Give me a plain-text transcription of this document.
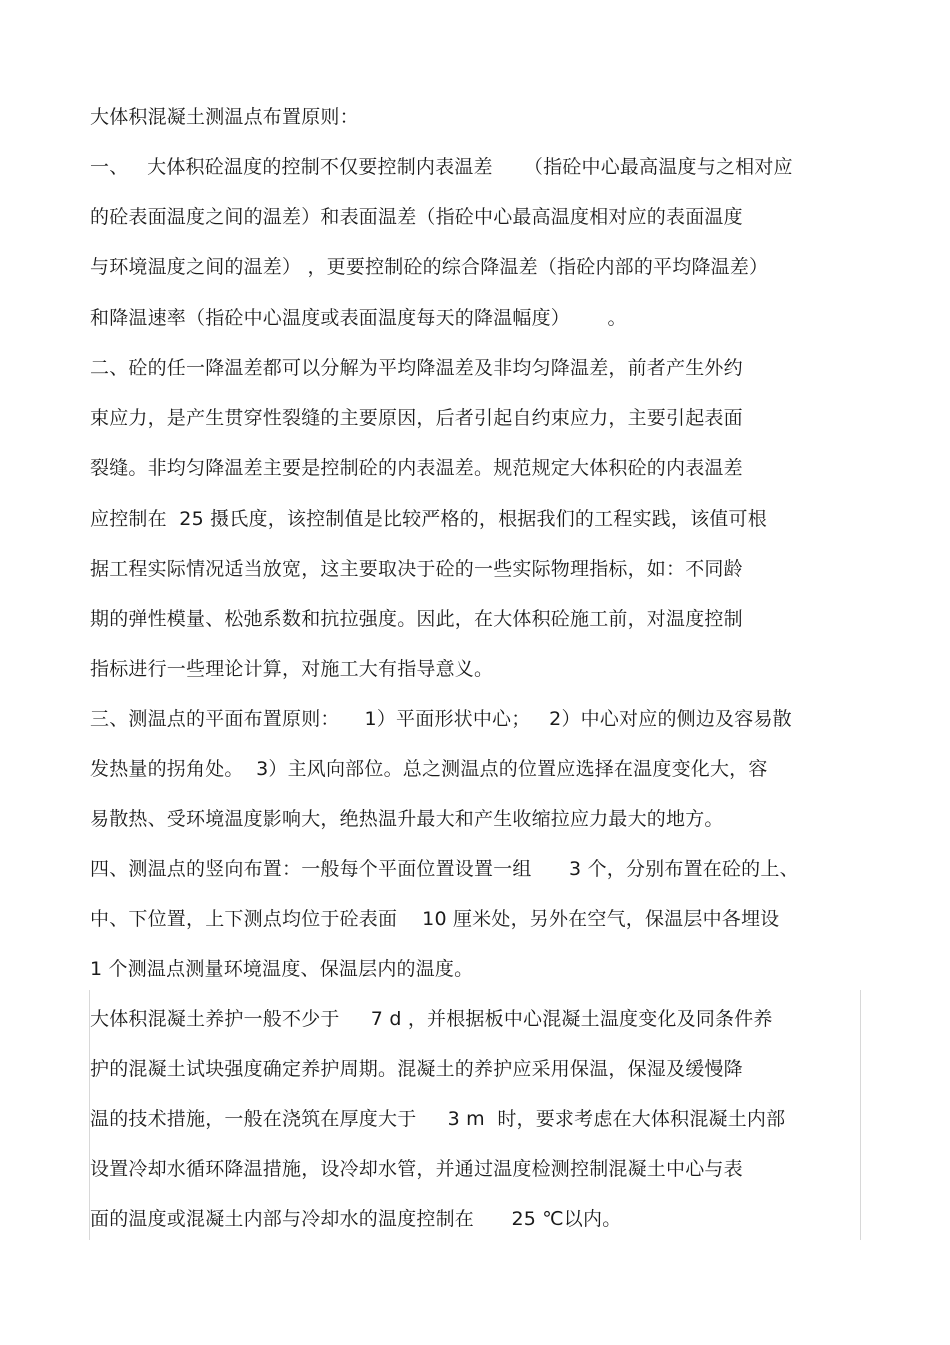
大体积混凝土测温点布置原则：
一、   大体积砼温度的控制不仅要控制内表温差     （指砼中心最高温度与之相对应
的砼表面温度之间的温差）和表面温差（指砼中心最高温度相对应的表面温度
与环境温度之间的温差） ，更要控制砼的综合降温差（指砼内部的平均降温差）
和降温速率（指砼中心温度或表面温度每天的降温幅度）      。
二、砼的任一降温差都可以分解为平均降温差及非均匀降温差，前者产生外约
束应力，是产生贯穿性裂缝的主要原因，后者引起自约束应力，主要引起表面
裂缝。非均匀降温差主要是控制砼的内表温差。规范规定大体积砼的内表温差
应控制在  25 摄氏度，该控制值是比较严格的，根据我们的工程实践，该值可根
据工程实际情况适当放宽，这主要取决于砼的一些实际物理指标，如：不同龄
期的弹性模量、松弛系数和抗拉强度。因此，在大体积砼施工前，对温度控制
指标进行一些理论计算，对施工大有指导意义。
三、测温点的平面布置原则：    1）平面形状中心；   2）中心对应的侧边及容易散
发热量的拐角处。  3）主风向部位。总之测温点的位置应选择在温度变化大，容
易散热、受环境温度影响大，绝热温升最大和产生收缩拉应力最大的地方。
四、测温点的竖向布置：一般每个平面位置设置一组      3 个，分别布置在砼的上、
中、下位置，上下测点均位于砼表面    10 厘米处，另外在空气，保温层中各埋设
1 个测温点测量环境温度、保温层内的温度。
大体积混凝土养护一般不少于     7 d ，并根据板中心混凝土温度变化及同条件养
护的混凝土试块强度确定养护周期。混凝土的养护应采用保温，保湿及缓慢降
温的技术措施，一般在浇筑在厚度大于     3 m  时，要求考虑在大体积混凝土内部
设置冷却水循环降温措施，设冷却水管，并通过温度检测控制混凝土中心与表
面的温度或混凝土内部与冷却水的温度控制在      25 ℃以内。
